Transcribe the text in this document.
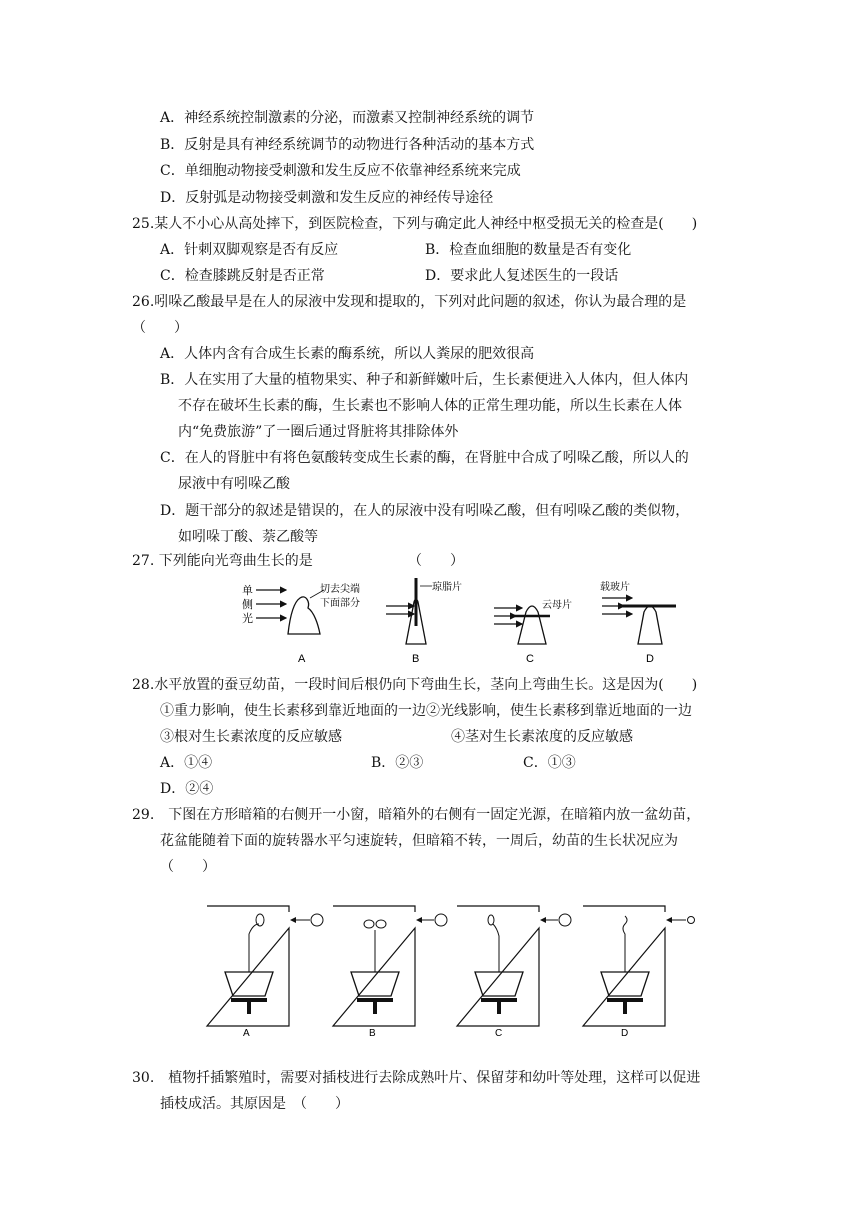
A．神经系统控制激素的分泌，而激素又控制神经系统的调节
B．反射是具有神经系统调节的动物进行各种活动的基本方式
C．单细胞动物接受刺激和发生反应不依靠神经系统来完成
D．反射弧是动物接受刺激和发生反应的神经传导途径
25.某人不小心从高处摔下，到医院检查，下列与确定此人神经中枢受损无关的检查是(　　)
A．针刺双脚观察是否有反应	B．检查血细胞的数量是否有变化
C．检查膝跳反射是否正常	D．要求此人复述医生的一段话
26.吲哚乙酸最早是在人的尿液中发现和提取的，下列对此问题的叙述，你认为最合理的是
（　　）
A．人体内含有合成生长素的酶系统，所以人粪尿的肥效很高
B．人在实用了大量的植物果实、种子和新鲜嫩叶后，生长素便进入人体内，但人体内
不存在破坏生长素的酶，生长素也不影响人体的正常生理功能，所以生长素在人体
内“免费旅游”了一圈后通过肾脏将其排除体外
C．在人的肾脏中有将色氨酸转变成生长素的酶，在肾脏中合成了吲哚乙酸，所以人的
尿液中有吲哚乙酸
D．题干部分的叙述是错误的，在人的尿液中没有吲哚乙酸，但有吲哚乙酸的类似物，
如吲哚丁酸、萘乙酸等
27. 下列能向光弯曲生长的是	（　　）
单
侧
光
切去尖端
下面部分
A
琼脂片
B
云母片
C
载玻片
D
28.水平放置的蚕豆幼苗，一段时间后根仍向下弯曲生长，茎向上弯曲生长。这是因为(　　)
①重力影响，使生长素移到靠近地面的一边②光线影响，使生长素移到靠近地面的一边
③根对生长素浓度的反应敏感	④茎对生长素浓度的反应敏感
A．①④	B．②③	C．①③
D．②④
29.　下图在方形暗箱的右侧开一小窗，暗箱外的右侧有一固定光源，在暗箱内放一盆幼苗，
花盆能随着下面的旋转器水平匀速旋转，但暗箱不转，一周后，幼苗的生长状况应为
（　　）
A	B	C	D
30.　植物扦插繁殖时，需要对插枝进行去除成熟叶片、保留芽和幼叶等处理，这样可以促进
插枝成活。其原因是　（　　）
